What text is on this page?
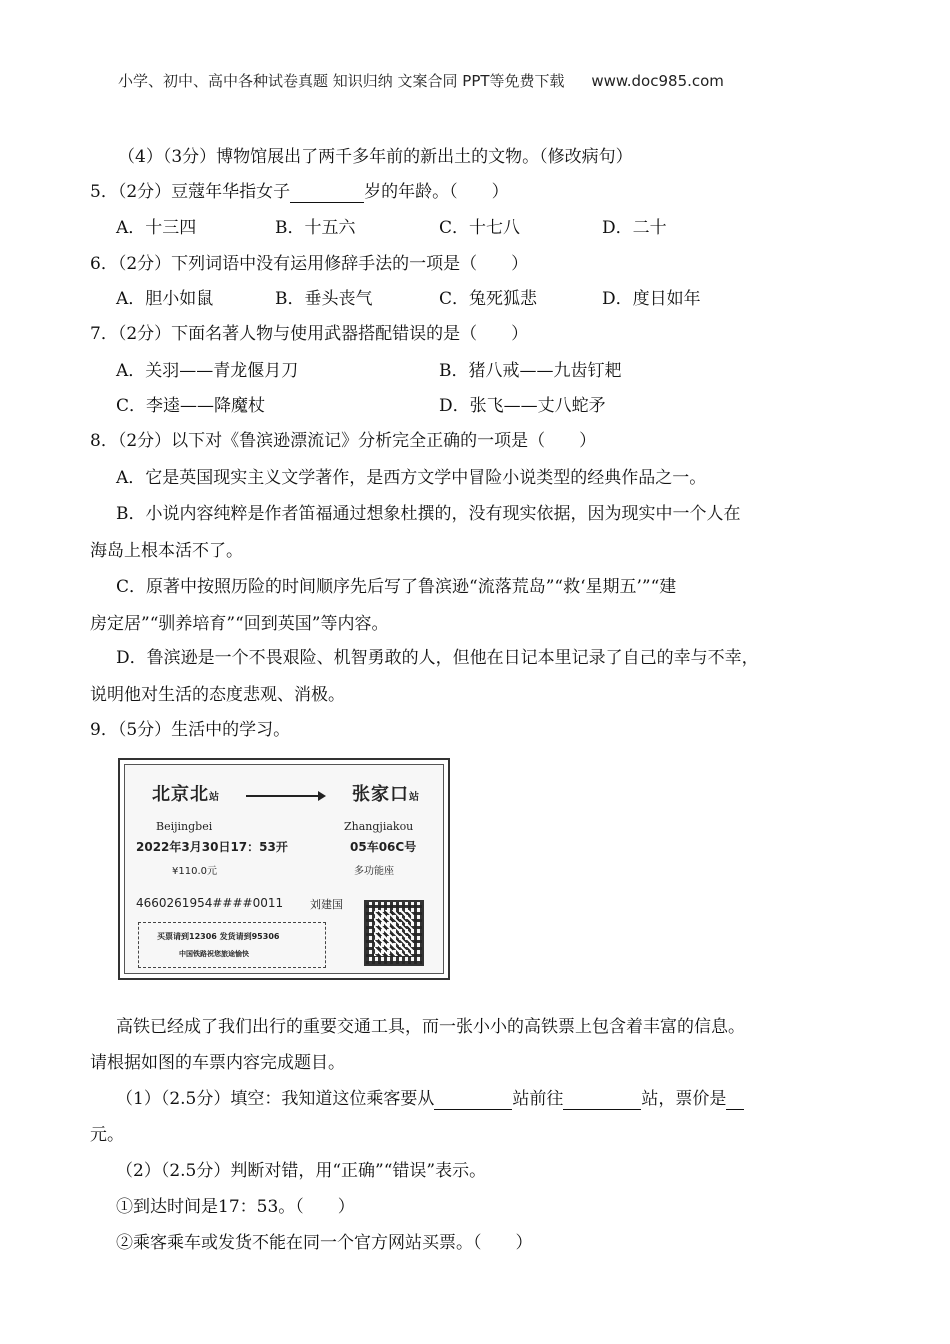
小学、初中、高中各种试卷真题 知识归纳 文案合同 PPT等免费下载 www.doc985.com
（4）（3分）博物馆展出了两千多年前的新出土的文物。（修改病句）
5．（2分）豆蔻年华指女子	岁的年龄。（　　）
A．十三四	B．十五六	C．十七八	D．二十
6．（2分）下列词语中没有运用修辞手法的一项是（　　）
A．胆小如鼠	B．垂头丧气	C．兔死狐悲	D．度日如年
7．（2分）下面名著人物与使用武器搭配错误的是（　　）
A．关羽——青龙偃月刀	B．猪八戒——九齿钉耙
C．李逵——降魔杖	D．张飞——丈八蛇矛
8．（2分）以下对《鲁滨逊漂流记》分析完全正确的一项是（　　）
A．它是英国现实主义文学著作，是西方文学中冒险小说类型的经典作品之一。
B．小说内容纯粹是作者笛福通过想象杜撰的，没有现实依据，因为现实中一个人在
海岛上根本活不了。
C．原著中按照历险的时间顺序先后写了鲁滨逊“流落荒岛”“救‘星期五’”“建
房定居”“驯养培育”“回到英国”等内容。
D．鲁滨逊是一个不畏艰险、机智勇敢的人，但他在日记本里记录了自己的幸与不幸，
说明他对生活的态度悲观、消极。
9．（5分）生活中的学习。
北京北站	张家口站
Beijingbei	Zhangjiakou
2022年3月30日17：53开	05车06C号
¥110.0元	多功能座
4660261954####0011 刘建国
买票请到12306 发货请到95306
中国铁路祝您旅途愉快
高铁已经成了我们出行的重要交通工具，而一张小小的高铁票上包含着丰富的信息。
请根据如图的车票内容完成题目。
（1）（2.5分）填空：我知道这位乘客要从	站前往	站，票价是
元。
（2）（2.5分）判断对错，用“正确”“错误”表示。
①到达时间是17：53。（　　）
②乘客乘车或发货不能在同一个官方网站买票。（　　）
